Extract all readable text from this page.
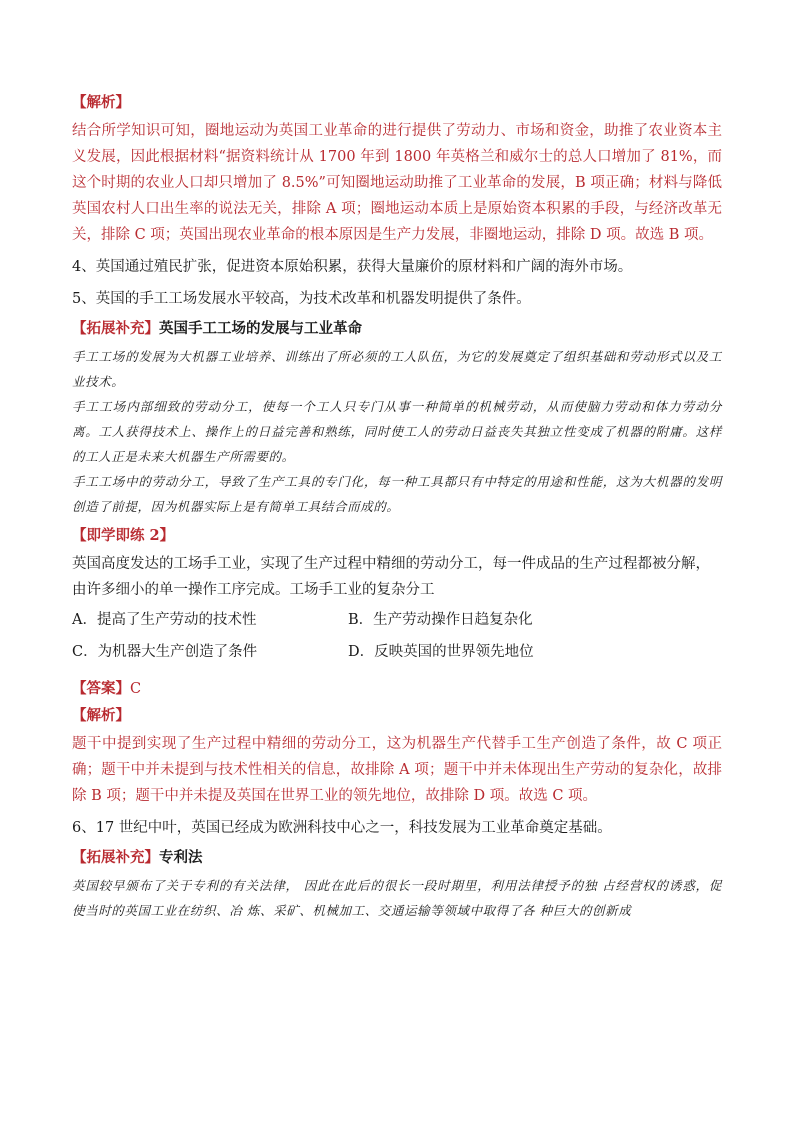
【解析】

结合所学知识可知，圈地运动为英国工业革命的进行提供了劳动力、市场和资金，助推了农业资本主义发展，因此根据材料“据资料统计从 1700 年到 1800 年英格兰和威尔士的总人口增加了 81%，而这个时期的农业人口却只增加了 8.5%”可知圈地运动助推了工业革命的发展，B 项正确；材料与降低英国农村人口出生率的说法无关，排除 A 项；圈地运动本质上是原始资本积累的手段，与经济改革无关，排除 C 项；英国出现农业革命的根本原因是生产力发展，非圈地运动，排除 D 项。故选 B 项。

4、英国通过殖民扩张，促进资本原始积累，获得大量廉价的原材料和广阔的海外市场。

5、英国的手工工场发展水平较高，为技术改革和机器发明提供了条件。

【拓展补充】英国手工工场的发展与工业革命

手工工场的发展为大机器工业培养、训练出了所必须的工人队伍，为它的发展奠定了组织基础和劳动形式以及工业技术。

手工工场内部细致的劳动分工，使每一个工人只专门从事一种简单的机械劳动，从而使脑力劳动和体力劳动分离。工人获得技术上、操作上的日益完善和熟练，同时使工人的劳动日益丧失其独立性变成了机器的附庸。这样的工人正是未来大机器生产所需要的。

手工工场中的劳动分工，导致了生产工具的专门化，每一种工具都只有中特定的用途和性能，这为大机器的发明创造了前提，因为机器实际上是有简单工具结合而成的。

【即学即练 2】

英国高度发达的工场手工业，实现了生产过程中精细的劳动分工，每一件成品的生产过程都被分解，由许多细小的单一操作工序完成。工场手工业的复杂分工

A．提高了生产劳动的技术性	B．生产劳动操作日趋复杂化
C．为机器大生产创造了条件	D．反映英国的世界领先地位

【答案】C

【解析】

题干中提到实现了生产过程中精细的劳动分工，这为机器生产代替手工生产创造了条件，故 C 项正确；题干中并未提到与技术性相关的信息，故排除 A 项；题干中并未体现出生产劳动的复杂化，故排除 B 项；题干中并未提及英国在世界工业的领先地位，故排除 D 项。故选 C 项。

6、17 世纪中叶，英国已经成为欧洲科技中心之一，科技发展为工业革命奠定基础。

【拓展补充】专利法

英国较早颁布了关于专利的有关法律， 因此在此后的很长一段时期里，利用法律授予的独 占经营权的诱惑，促使当时的英国工业在纺织、冶 炼、采矿、机械加工、交通运输等领域中取得了各 种巨大的创新成
